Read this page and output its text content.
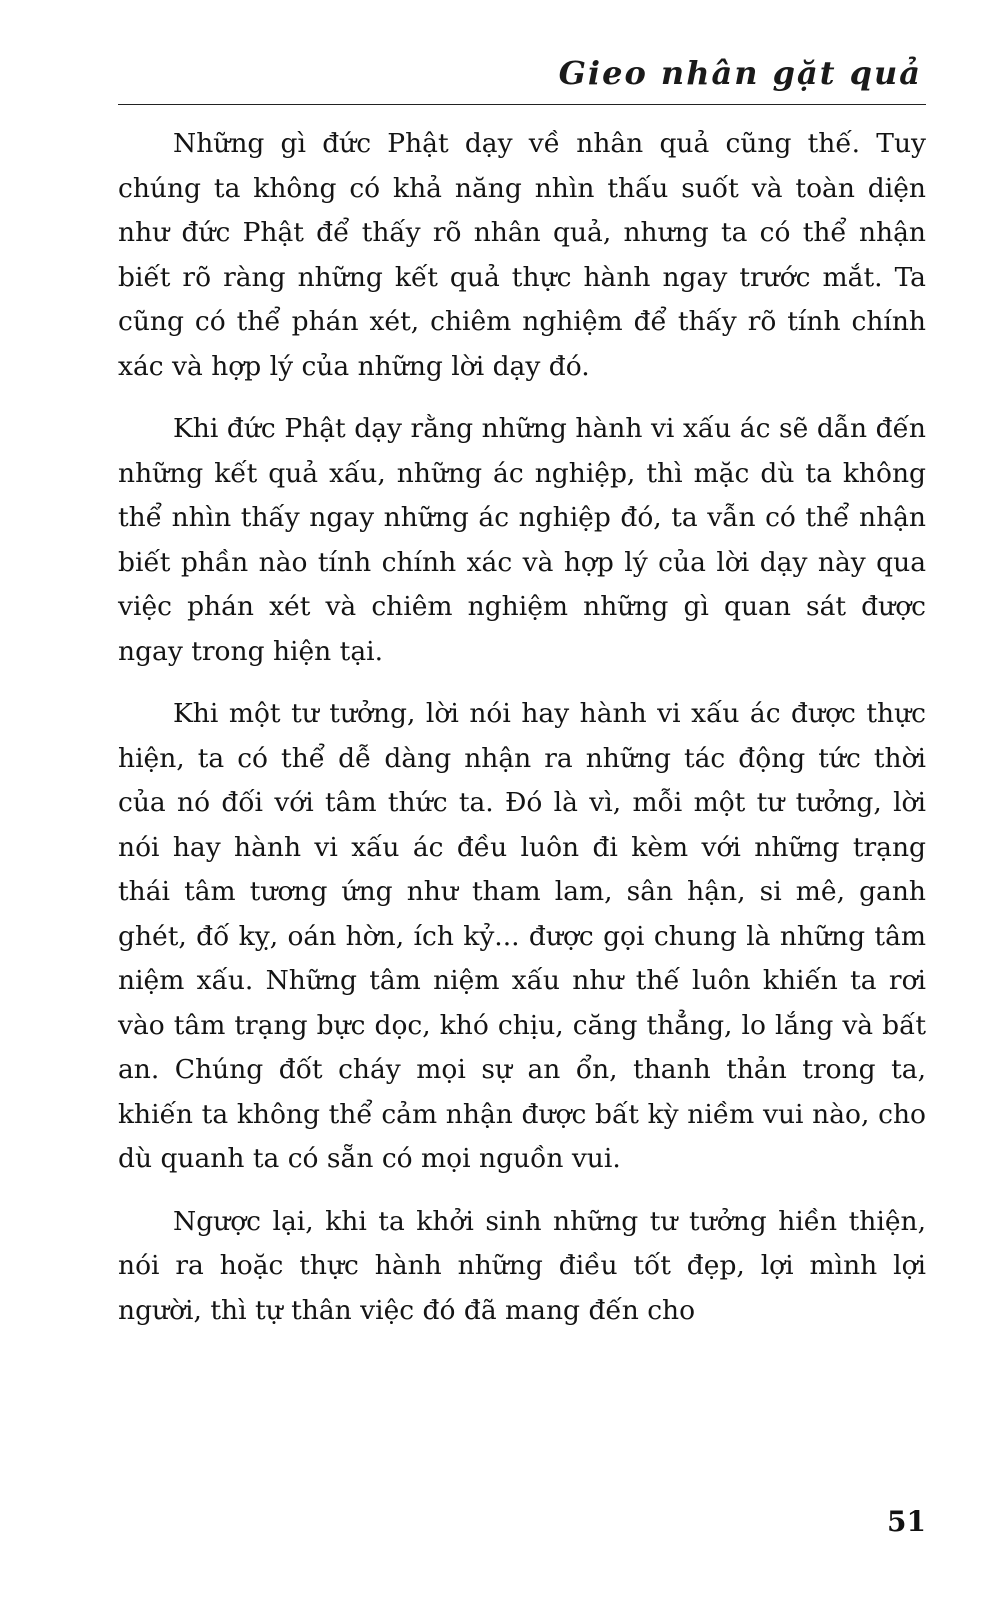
Gieo nhân gặt quả

Những gì đức Phật dạy về nhân quả cũng thế. Tuy chúng ta không có khả năng nhìn thấu suốt và toàn diện như đức Phật để thấy rõ nhân quả, nhưng ta có thể nhận biết rõ ràng những kết quả thực hành ngay trước mắt. Ta cũng có thể phán xét, chiêm nghiệm để thấy rõ tính chính xác và hợp lý của những lời dạy đó.

Khi đức Phật dạy rằng những hành vi xấu ác sẽ dẫn đến những kết quả xấu, những ác nghiệp, thì mặc dù ta không thể nhìn thấy ngay những ác nghiệp đó, ta vẫn có thể nhận biết phần nào tính chính xác và hợp lý của lời dạy này qua việc phán xét và chiêm nghiệm những gì quan sát được ngay trong hiện tại.

Khi một tư tưởng, lời nói hay hành vi xấu ác được thực hiện, ta có thể dễ dàng nhận ra những tác động tức thời của nó đối với tâm thức ta. Đó là vì, mỗi một tư tưởng, lời nói hay hành vi xấu ác đều luôn đi kèm với những trạng thái tâm tương ứng như tham lam, sân hận, si mê, ganh ghét, đố kỵ, oán hờn, ích kỷ... được gọi chung là những tâm niệm xấu. Những tâm niệm xấu như thế luôn khiến ta rơi vào tâm trạng bực dọc, khó chịu, căng thẳng, lo lắng và bất an. Chúng đốt cháy mọi sự an ổn, thanh thản trong ta, khiến ta không thể cảm nhận được bất kỳ niềm vui nào, cho dù quanh ta có sẵn có mọi nguồn vui.

Ngược lại, khi ta khởi sinh những tư tưởng hiền thiện, nói ra hoặc thực hành những điều tốt đẹp, lợi mình lợi người, thì tự thân việc đó đã mang đến cho

51
